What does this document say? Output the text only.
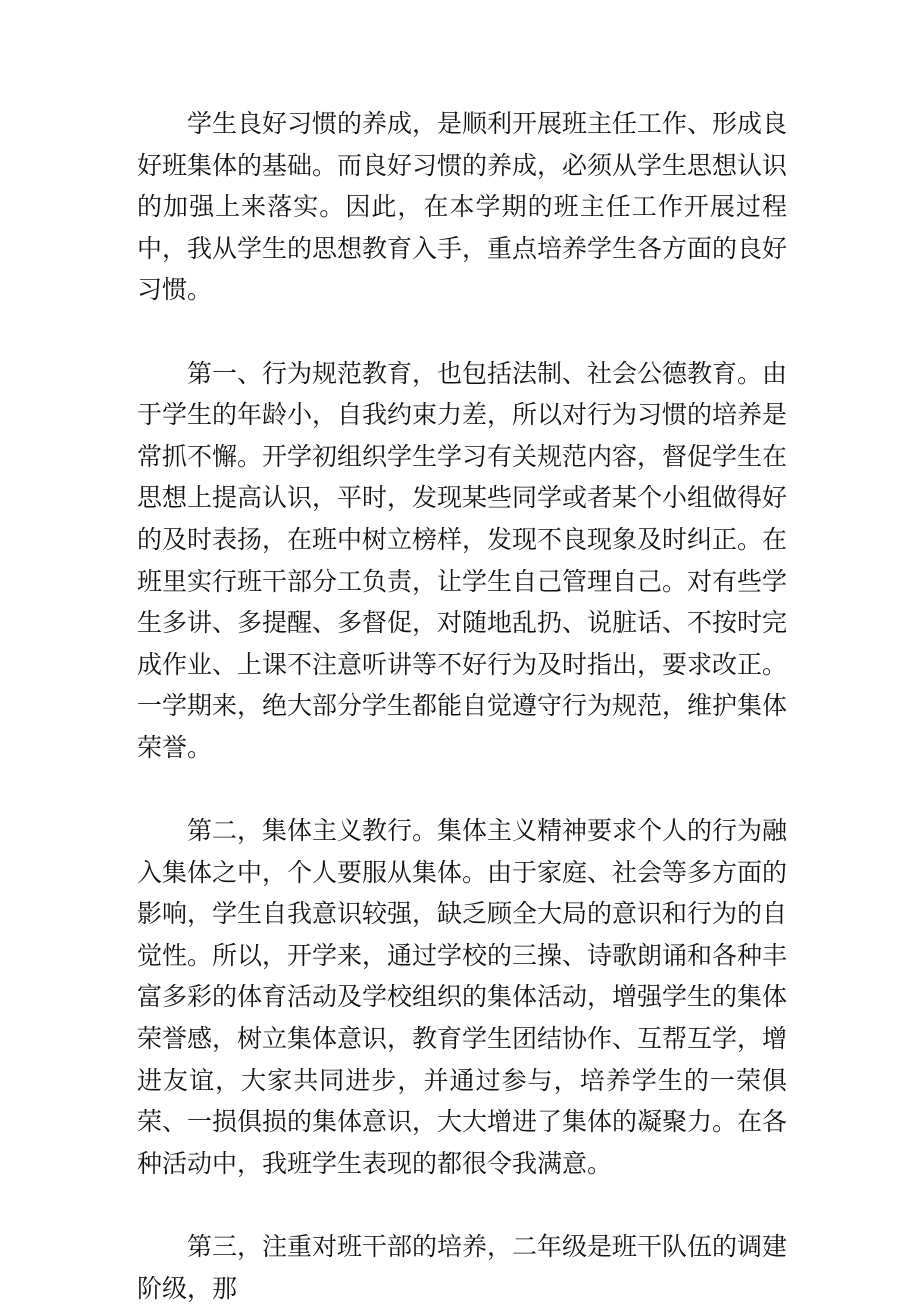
学生良好习惯的养成，是顺利开展班主任工作、形成良好班集体的基础。而良好习惯的养成，必须从学生思想认识的加强上来落实。因此，在本学期的班主任工作开展过程中，我从学生的思想教育入手，重点培养学生各方面的良好习惯。

第一、行为规范教育，也包括法制、社会公德教育。由于学生的年龄小，自我约束力差，所以对行为习惯的培养是常抓不懈。开学初组织学生学习有关规范内容，督促学生在思想上提高认识，平时，发现某些同学或者某个小组做得好的及时表扬，在班中树立榜样，发现不良现象及时纠正。在班里实行班干部分工负责，让学生自己管理自己。对有些学生多讲、多提醒、多督促，对随地乱扔、说脏话、不按时完成作业、上课不注意听讲等不好行为及时指出，要求改正。一学期来，绝大部分学生都能自觉遵守行为规范，维护集体荣誉。

第二，集体主义教行。集体主义精神要求个人的行为融入集体之中，个人要服从集体。由于家庭、社会等多方面的影响，学生自我意识较强，缺乏顾全大局的意识和行为的自觉性。所以，开学来，通过学校的三操、诗歌朗诵和各种丰富多彩的体育活动及学校组织的集体活动，增强学生的集体荣誉感，树立集体意识，教育学生团结协作、互帮互学，增进友谊，大家共同进步，并通过参与，培养学生的一荣俱荣、一损俱损的集体意识，大大增进了集体的凝聚力。在各种活动中，我班学生表现的都很令我满意。

第三，注重对班干部的培养，二年级是班干队伍的调建阶级，那
